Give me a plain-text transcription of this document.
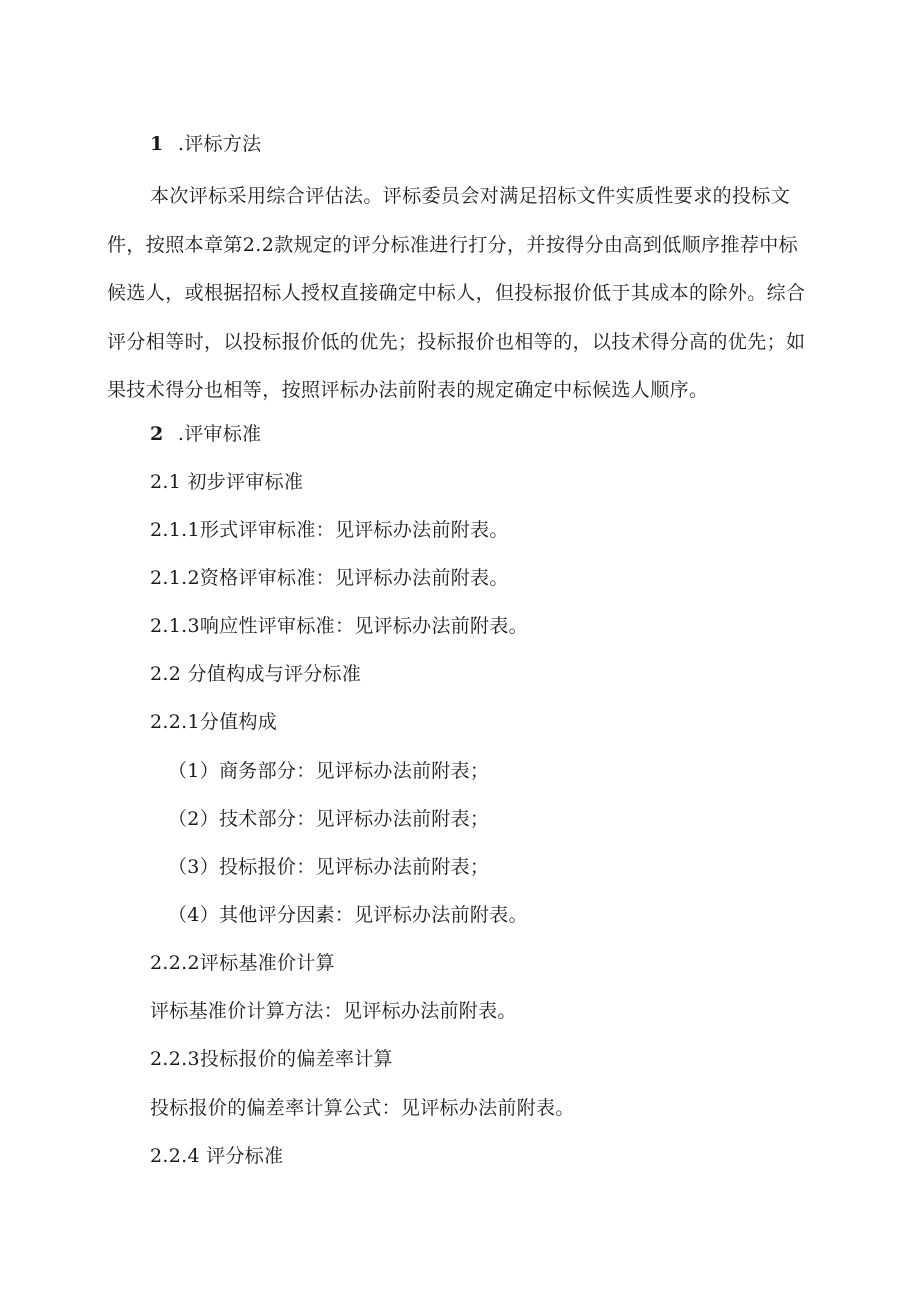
1 .评标方法
本次评标采用综合评估法。评标委员会对满足招标文件实质性要求的投标文件，按照本章第2.2款规定的评分标准进行打分，并按得分由高到低顺序推荐中标候选人，或根据招标人授权直接确定中标人，但投标报价低于其成本的除外。综合评分相等时，以投标报价低的优先；投标报价也相等的，以技术得分高的优先；如果技术得分也相等，按照评标办法前附表的规定确定中标候选人顺序。
2 .评审标准
2.1 初步评审标准
2.1.1形式评审标准：见评标办法前附表。
2.1.2资格评审标准：见评标办法前附表。
2.1.3响应性评审标准：见评标办法前附表。
2.2 分值构成与评分标准
2.2.1分值构成
（1）商务部分：见评标办法前附表；
（2）技术部分：见评标办法前附表；
（3）投标报价：见评标办法前附表；
（4）其他评分因素：见评标办法前附表。
2.2.2评标基准价计算
评标基准价计算方法：见评标办法前附表。
2.2.3投标报价的偏差率计算
投标报价的偏差率计算公式：见评标办法前附表。
2.2.4 评分标准
